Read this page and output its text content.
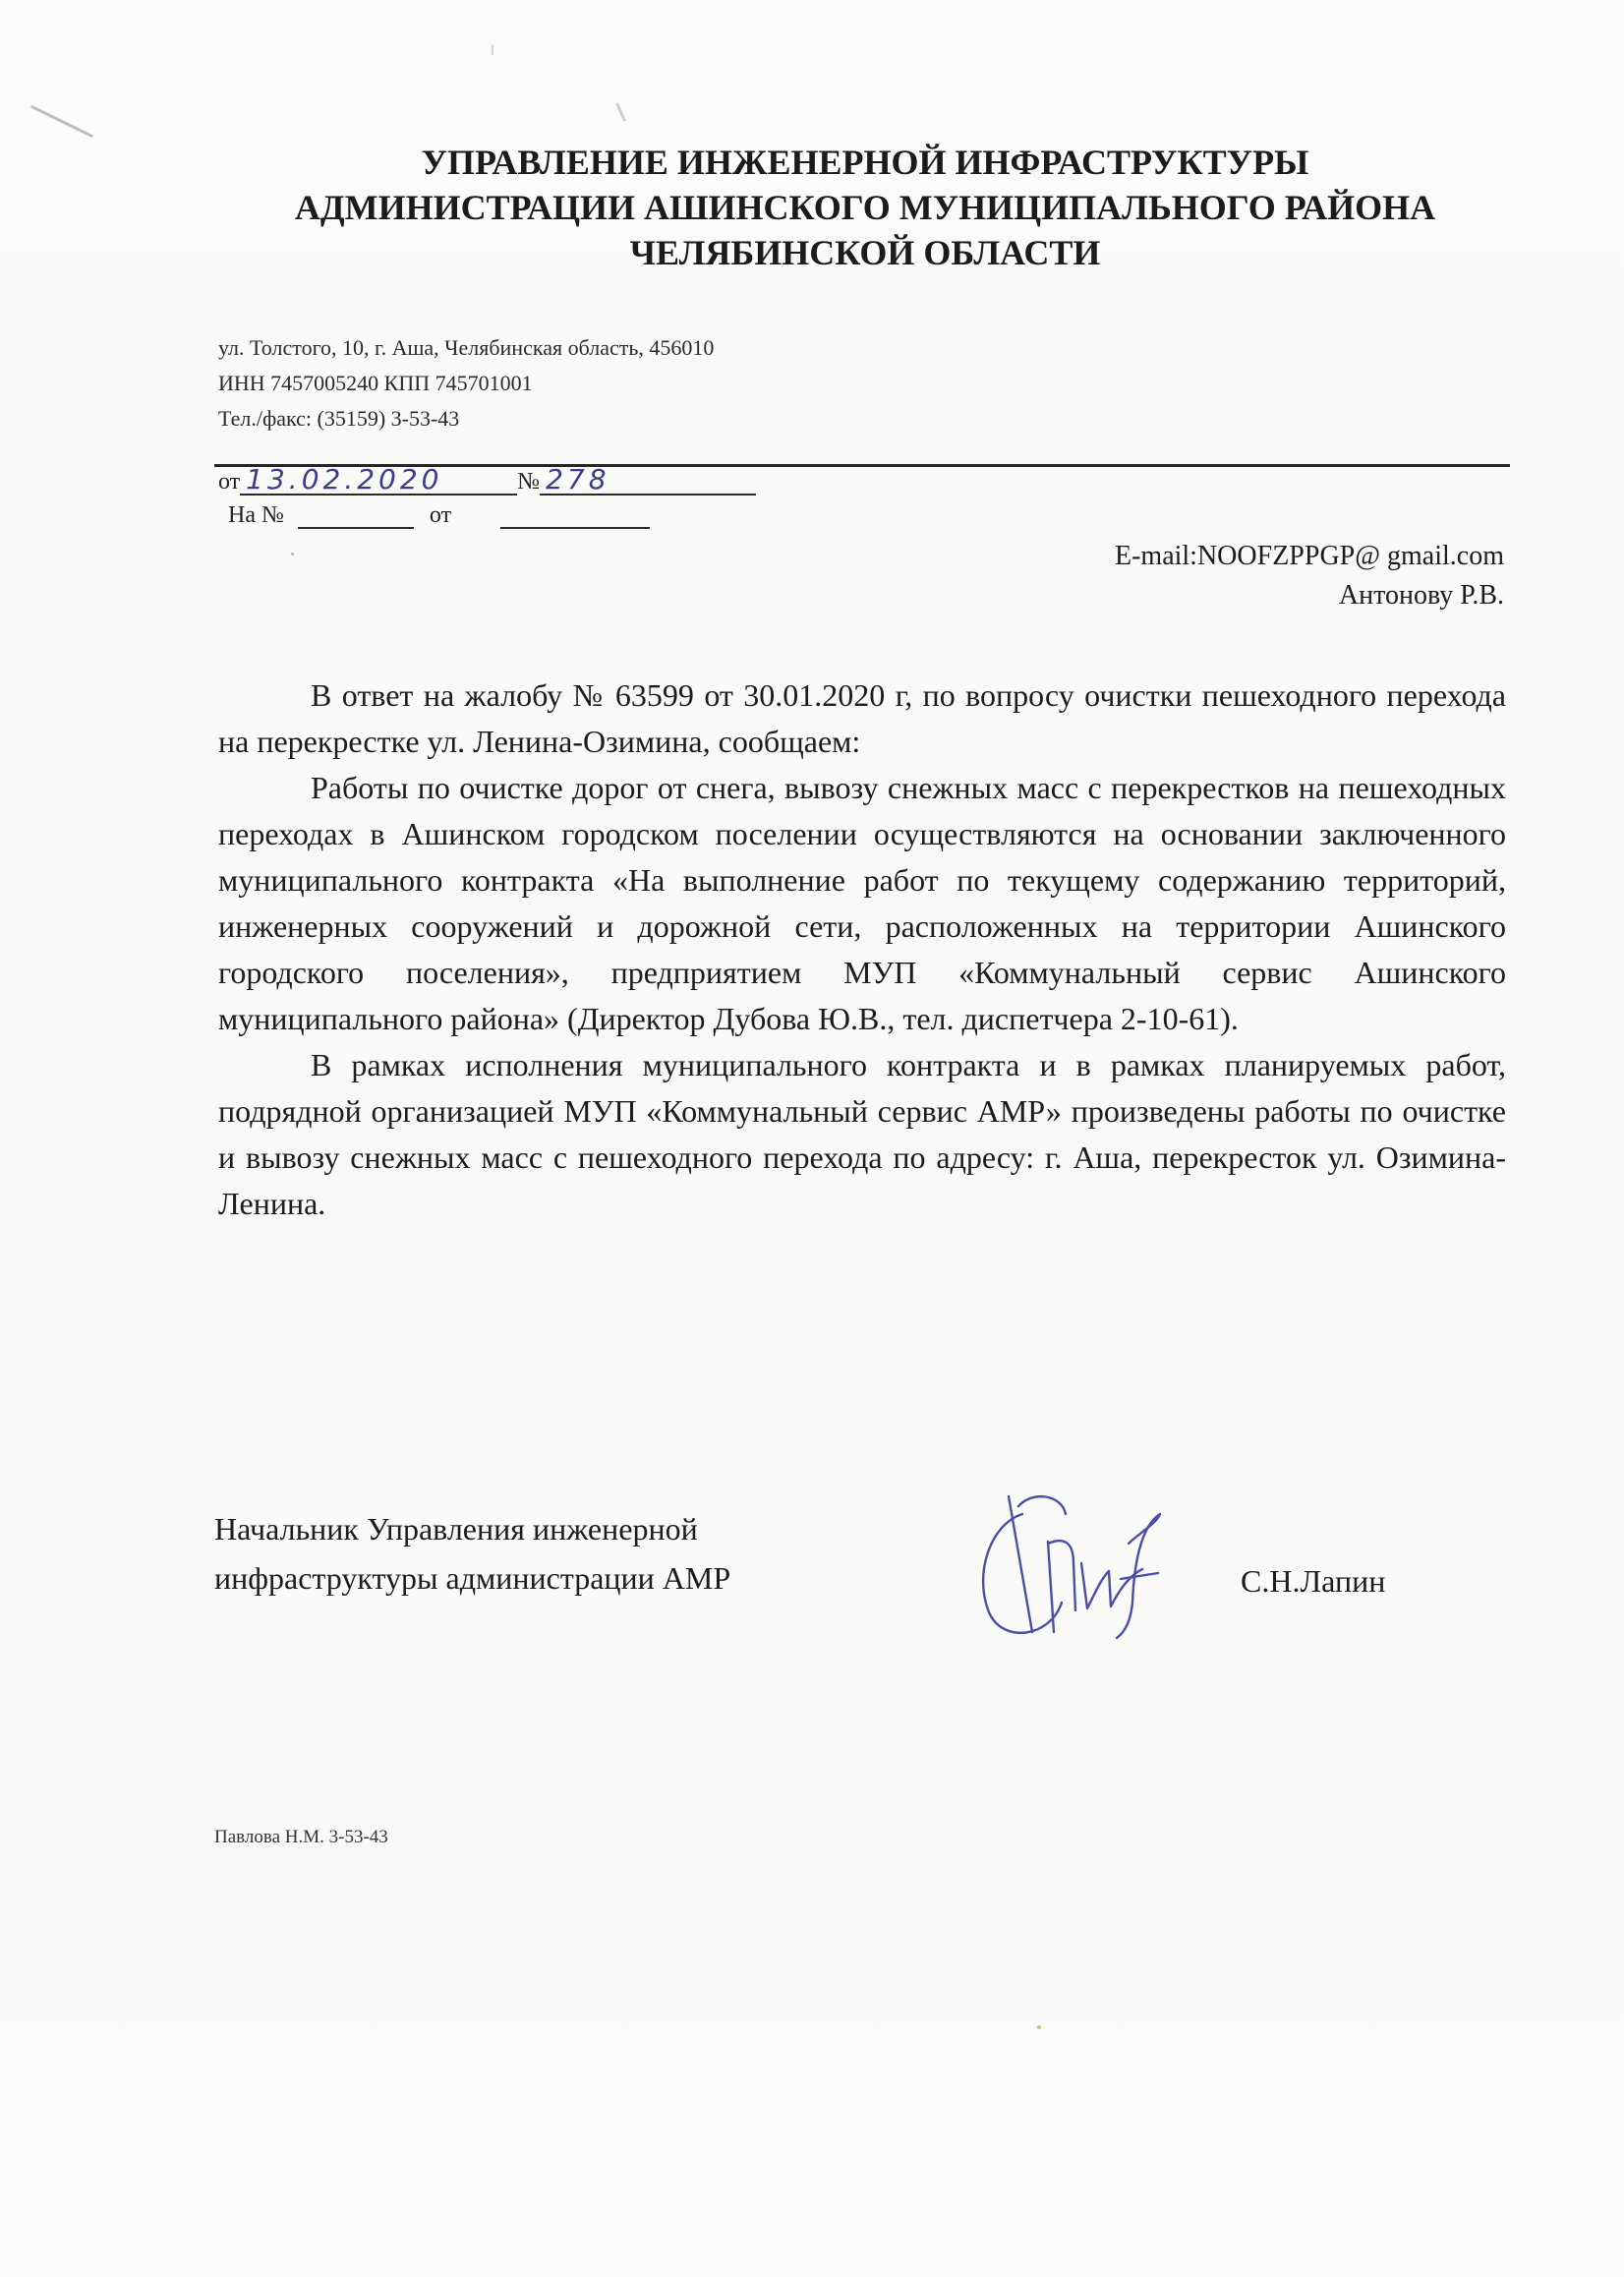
УПРАВЛЕНИЕ ИНЖЕНЕРНОЙ ИНФРАСТРУКТУРЫ
АДМИНИСТРАЦИИ АШИНСКОГО МУНИЦИПАЛЬНОГО РАЙОНА
ЧЕЛЯБИНСКОЙ ОБЛАСТИ
ул. Толстого, 10, г. Аша, Челябинская область, 456010
ИНН 7457005240 КПП 745701001
Тел./факс: (35159) 3-53-43
от 13.02.2020	№ 278
На №	от
E-mail:NOOFZPPGP@ gmail.com
Антонову Р.В.

В ответ на жалобу № 63599 от 30.01.2020 г, по вопросу очистки пешеходного перехода на перекрестке ул. Ленина-Озимина, сообщаем:

Работы по очистке дорог от снега, вывозу снежных масс с перекрестков на пешеходных переходах в Ашинском городском поселении осуществляются на основании заключенного муниципального контракта «На выполнение работ по текущему содержанию территорий, инженерных сооружений и дорожной сети, расположенных на территории Ашинского городского поселения», предприятием МУП «Коммунальный сервис Ашинского муниципального района» (Директор Дубова Ю.В., тел. диспетчера 2-10-61).

В рамках исполнения муниципального контракта и в рамках планируемых работ, подрядной организацией МУП «Коммунальный сервис АМР» произведены работы по очистке и вывозу снежных масс с пешеходного перехода по адресу: г. Аша, перекресток ул. Озимина-Ленина.

Начальник Управления инженерной
инфраструктуры администрации АМР	С.Н.Лапин
Павлова Н.М. 3-53-43
